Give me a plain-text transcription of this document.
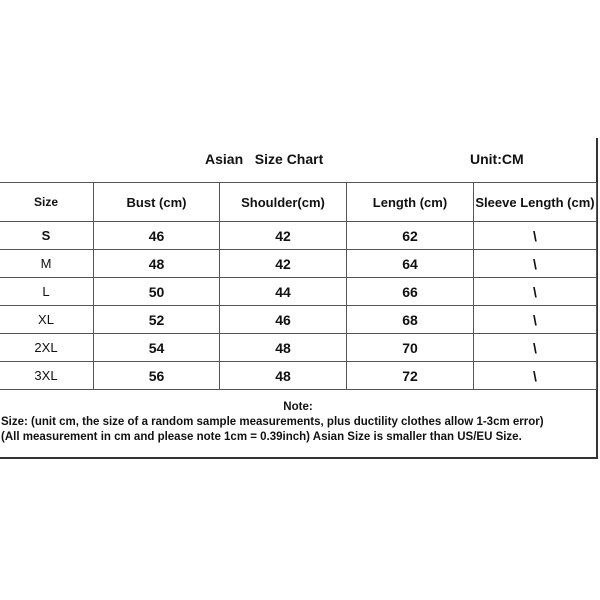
Asian   Size Chart	Unit:CM
Size	Bust (cm)	Shoulder(cm)	Length (cm)	Sleeve Length (cm)
S	46	42	62	\
M	48	42	64	\
L	50	44	66	\
XL	52	46	68	\
2XL	54	48	70	\
3XL	56	48	72	\
Note:
Size: (unit cm, the size of a random sample measurements, plus ductility clothes allow 1-3cm error)
(All measurement in cm and please note 1cm = 0.39inch) Asian Size is smaller than US/EU Size.
